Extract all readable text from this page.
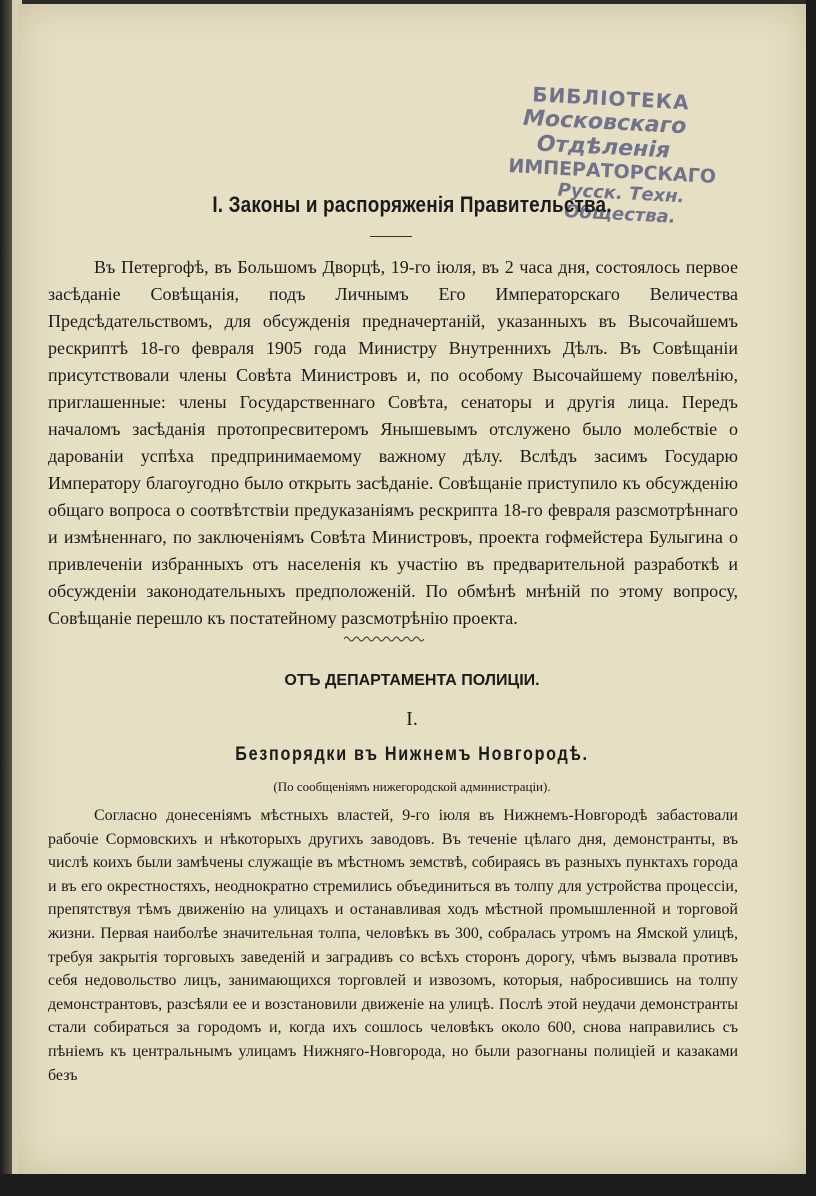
БИБЛІОТЕКА
Московскаго Отдѣленія
ИМПЕРАТОРСКАГО
Русск. Техн. Общества.
I. Законы и распоряженія Правительства.
Въ Петергофѣ, въ Большомъ Дворцѣ, 19-го іюля, въ 2 часа дня, состоялось первое засѣданіе Совѣщанія, подъ Личнымъ Его Императорскаго Величества Предсѣдательствомъ, для обсужденія предначертаній, указанныхъ въ Высочайшемъ рескриптѣ 18-го февраля 1905 года Министру Внутреннихъ Дѣлъ. Въ Совѣщаніи присутствовали члены Совѣта Министровъ и, по особому Высочайшему повелѣнію, приглашенные: члены Государственнаго Совѣта, сенаторы и другія лица. Передъ началомъ засѣданія протопресвитеромъ Янышевымъ отслужено было молебствіе о дарованіи успѣха предпринимаемому важному дѣлу. Вслѣдъ засимъ Государю Императору благоугодно было открыть засѣданіе. Совѣщаніе приступило къ обсужденію общаго вопроса о соотвѣтствіи предуказаніямъ рескрипта 18-го февраля разсмотрѣннаго и измѣненнаго, по заключеніямъ Совѣта Министровъ, проекта гофмейстера Булыгина о привлеченіи избранныхъ отъ населенія къ участію въ предварительной разработкѣ и обсужденіи законодательныхъ предположеній. По обмѣнѣ мнѣній по этому вопросу, Совѣщаніе перешло къ постатейному разсмотрѣнію проекта.
ОТЪ ДЕПАРТАМЕНТА ПОЛИЦІИ.
I.
Безпорядки въ Нижнемъ Новгородѣ.
(По сообщеніямъ нижегородской администраціи).
Согласно донесеніямъ мѣстныхъ властей, 9-го іюля въ Нижнемъ-Новгородѣ забастовали рабочіе Сормовскихъ и нѣкоторыхъ другихъ заводовъ. Въ теченіе цѣлаго дня, демонстранты, въ числѣ коихъ были замѣчены служащіе въ мѣстномъ земствѣ, собираясь въ разныхъ пунктахъ города и въ его окрестностяхъ, неоднократно стремились объединиться въ толпу для устройства процессіи, препятствуя тѣмъ движенію на улицахъ и останавливая ходъ мѣстной промышленной и торговой жизни. Первая наиболѣе значительная толпа, человѣкъ въ 300, собралась утромъ на Ямской улицѣ, требуя закрытія торговыхъ заведеній и заградивъ со всѣхъ сторонъ дорогу, чѣмъ вызвала противъ себя недовольство лицъ, занимающихся торговлей и извозомъ, которыя, набросившись на толпу демонстрантовъ, разсѣяли ее и возстановили движеніе на улицѣ. Послѣ этой неудачи демонстранты стали собираться за городомъ и, когда ихъ сошлось человѣкъ около 600, снова направились съ пѣніемъ къ центральнымъ улицамъ Нижняго-Новгорода, но были разогнаны полиціей и казаками безъ
